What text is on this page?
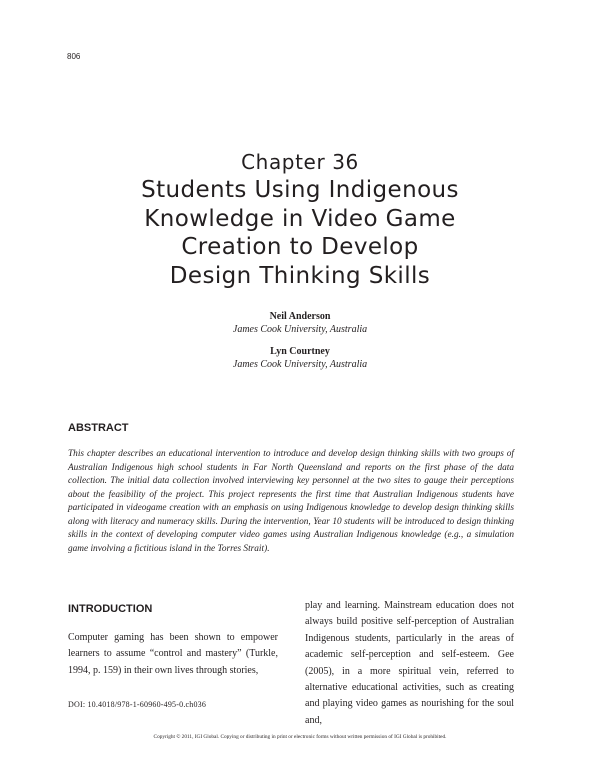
806
Chapter 36
Students Using Indigenous
Knowledge in Video Game
Creation to Develop
Design Thinking Skills
Neil Anderson
James Cook University, Australia
Lyn Courtney
James Cook University, Australia
ABSTRACT
This chapter describes an educational intervention to introduce and develop design thinking skills with two groups of Australian Indigenous high school students in Far North Queensland and reports on the first phase of the data collection. The initial data collection involved interviewing key personnel at the two sites to gauge their perceptions about the feasibility of the project. This project represents the first time that Australian Indigenous students have participated in videogame creation with an emphasis on using Indigenous knowledge to develop design thinking skills along with literacy and numeracy skills. During the intervention, Year 10 students will be introduced to design thinking skills in the context of developing computer video games using Australian Indigenous knowledge (e.g., a simulation game involving a fictitious island in the Torres Strait).
INTRODUCTION
Computer gaming has been shown to empower learners to assume “control and mastery” (Turkle, 1994, p. 159) in their own lives through stories,
play and learning. Mainstream education does not always build positive self-perception of Australian Indigenous students, particularly in the areas of academic self-perception and self-esteem. Gee (2005), in a more spiritual vein, referred to alternative educational activities, such as creating and playing video games as nourishing for the soul and,
DOI: 10.4018/978-1-60960-495-0.ch036
Copyright © 2011, IGI Global. Copying or distributing in print or electronic forms without written permission of IGI Global is prohibited.
